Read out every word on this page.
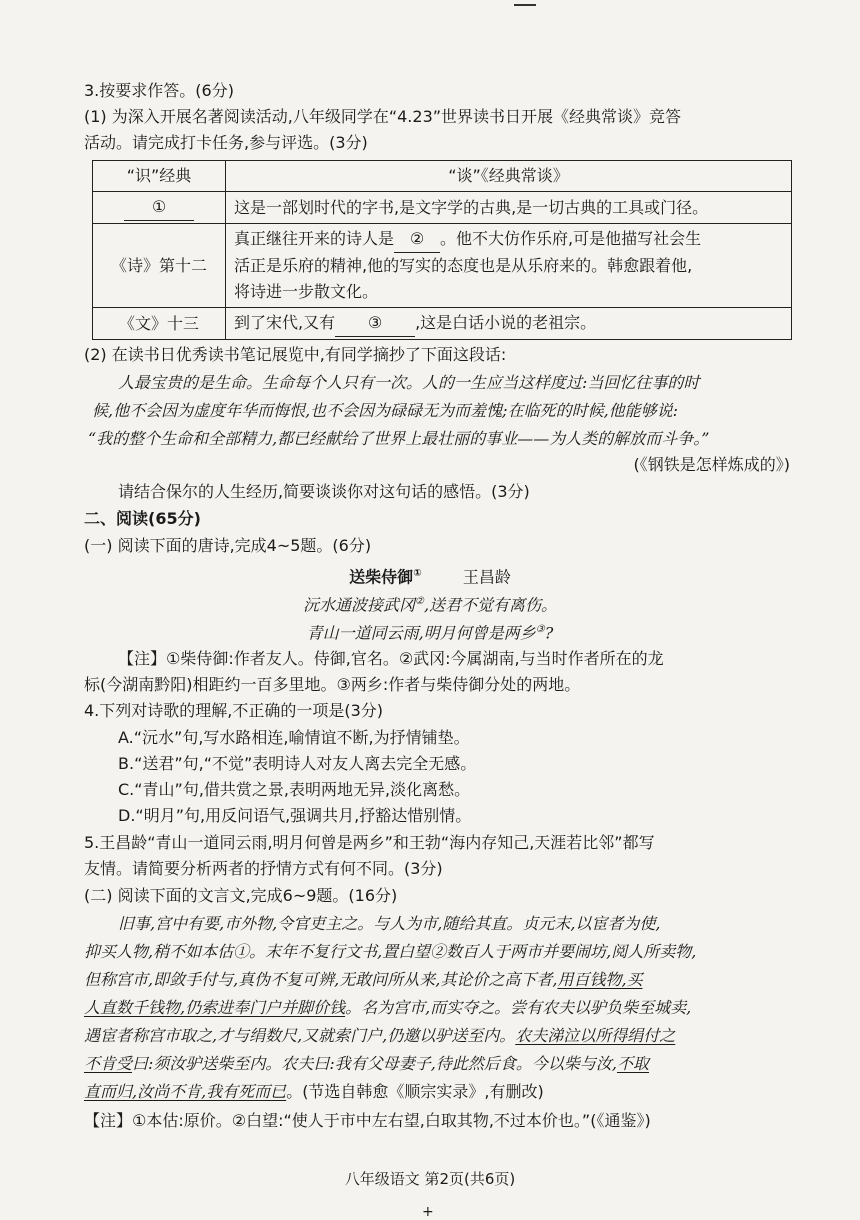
3.按要求作答。(6分)
(1) 为深入开展名著阅读活动,八年级同学在“4.23”世界读书日开展《经典常谈》竞答
活动。请完成打卡任务,参与评选。(3分)
“识”经典	“谈”《经典常谈》
①	这是一部划时代的字书,是文字学的古典,是一切古典的工具或门径。
《诗》第十二	真正继往开来的诗人是 ② 。他不大仿作乐府,可是他描写社会生
活正是乐府的精神,他的写实的态度也是从乐府来的。韩愈跟着他,
将诗进一步散文化。
《文》十三	到了宋代,又有 ③ ,这是白话小说的老祖宗。
(2) 在读书日优秀读书笔记展览中,有同学摘抄了下面这段话:
人最宝贵的是生命。生命每个人只有一次。人的一生应当这样度过:当回忆往事的时
候,他不会因为虚度年华而悔恨,也不会因为碌碌无为而羞愧;在临死的时候,他能够说:
“我的整个生命和全部精力,都已经献给了世界上最壮丽的事业——为人类的解放而斗争。”
(《钢铁是怎样炼成的》)
请结合保尔的人生经历,简要谈谈你对这句话的感悟。(3分)
二、阅读(65分)
(一) 阅读下面的唐诗,完成4~5题。(6分)
送柴侍御①	王昌龄
沅水通波接武冈②,送君不觉有离伤。
青山一道同云雨,明月何曾是两乡③?
【注】①柴侍御:作者友人。侍御,官名。②武冈:今属湖南,与当时作者所在的龙
标(今湖南黔阳)相距约一百多里地。③两乡:作者与柴侍御分处的两地。
4.下列对诗歌的理解,不正确的一项是(3分)
A.“沅水”句,写水路相连,喻情谊不断,为抒情铺垫。
B.“送君”句,“不觉”表明诗人对友人离去完全无感。
C.“青山”句,借共赏之景,表明两地无异,淡化离愁。
D.“明月”句,用反问语气,强调共月,抒豁达惜别情。
5.王昌龄“青山一道同云雨,明月何曾是两乡”和王勃“海内存知己,天涯若比邻”都写
友情。请简要分析两者的抒情方式有何不同。(3分)
(二) 阅读下面的文言文,完成6~9题。(16分)
旧事,宫中有要,市外物,令官吏主之。与人为市,随给其直。贞元末,以宦者为使,
抑买人物,稍不如本估①。末年不复行文书,置白望②数百人于两市并要闹坊,阅人所卖物,
但称宫市,即敛手付与,真伪不复可辨,无敢问所从来,其论价之高下者,用百钱物,买
人直数千钱物,仍索进奉门户并脚价钱。名为宫市,而实夺之。尝有农夫以驴负柴至城卖,
遇宦者称宫市取之,才与绢数尺,又就索门户,仍邀以驴送至内。农夫涕泣以所得绢付之
不肯受曰:须汝驴送柴至内。农夫曰:我有父母妻子,待此然后食。今以柴与汝,不取
直而归,汝尚不肯,我有死而已。(节选自韩愈《顺宗实录》,有删改)
【注】①本估:原价。②白望:“使人于市中左右望,白取其物,不过本价也。”(《通鉴》)
八年级语文 第2页(共6页)
+
